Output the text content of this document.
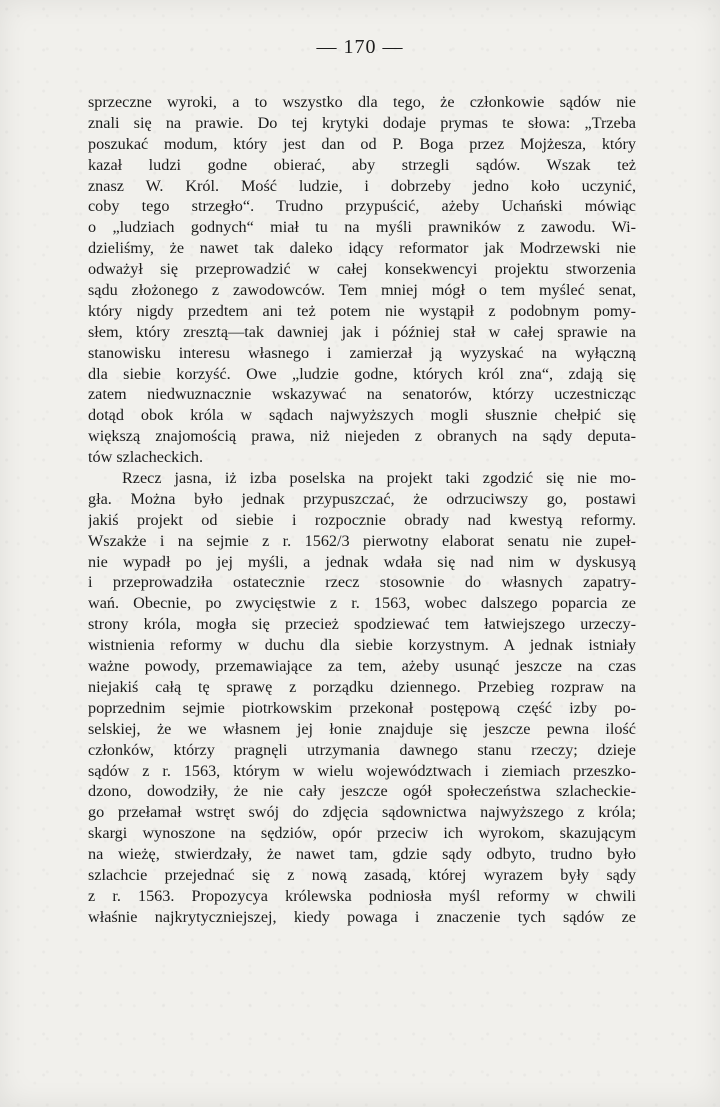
— 170 —
sprzeczne wyroki, a to wszystko dla tego, że członkowie sądów nie
znali się na prawie. Do tej krytyki dodaje prymas te słowa: „Trzeba
poszukać modum, który jest dan od P. Boga przez Mojżesza, który
kazał ludzi godne obierać, aby strzegli sądów. Wszak też
znasz W. Król. Mość ludzie, i dobrzeby jedno koło uczynić,
coby tego strzegło“. Trudno przypuścić, ażeby Uchański mówiąc
o „ludziach godnych“ miał tu na myśli prawników z zawodu. Wi-
dzieliśmy, że nawet tak daleko idący reformator jak Modrzewski nie
odważył się przeprowadzić w całej konsekwencyi projektu stworzenia
sądu złożonego z zawodowców. Tem mniej mógł o tem myśleć senat,
który nigdy przedtem ani też potem nie wystąpił z podobnym pomy-
słem, który zresztą—tak dawniej jak i później stał w całej sprawie na
stanowisku interesu własnego i zamierzał ją wyzyskać na wyłączną
dla siebie korzyść. Owe „ludzie godne, których król zna“, zdają się
zatem niedwuznacznie wskazywać na senatorów, którzy uczestnicząc
dotąd obok króla w sądach najwyższych mogli słusznie chełpić się
większą znajomością prawa, niż niejeden z obranych na sądy deputa-
tów szlacheckich.
Rzecz jasna, iż izba poselska na projekt taki zgodzić się nie mo-
gła. Można było jednak przypuszczać, że odrzuciwszy go, postawi
jakiś projekt od siebie i rozpocznie obrady nad kwestyą reformy.
Wszakże i na sejmie z r. 1562/3 pierwotny elaborat senatu nie zupeł-
nie wypadł po jej myśli, a jednak wdała się nad nim w dyskusyą
i przeprowadziła ostatecznie rzecz stosownie do własnych zapatry-
wań. Obecnie, po zwycięstwie z r. 1563, wobec dalszego poparcia ze
strony króla, mogła się przecież spodziewać tem łatwiejszego urzeczy-
wistnienia reformy w duchu dla siebie korzystnym. A jednak istniały
ważne powody, przemawiające za tem, ażeby usunąć jeszcze na czas
niejakiś całą tę sprawę z porządku dziennego. Przebieg rozpraw na
poprzednim sejmie piotrkowskim przekonał postępową część izby po-
selskiej, że we własnem jej łonie znajduje się jeszcze pewna ilość
członków, którzy pragnęli utrzymania dawnego stanu rzeczy; dzieje
sądów z r. 1563, którym w wielu województwach i ziemiach przeszko-
dzono, dowodziły, że nie cały jeszcze ogół społeczeństwa szlacheckie-
go przełamał wstręt swój do zdjęcia sądownictwa najwyższego z króla;
skargi wynoszone na sędziów, opór przeciw ich wyrokom, skazującym
na wieżę, stwierdzały, że nawet tam, gdzie sądy odbyto, trudno było
szlachcie przejednać się z nową zasadą, której wyrazem były sądy
z r. 1563. Propozycya królewska podniosła myśl reformy w chwili
właśnie najkrytyczniejszej, kiedy powaga i znaczenie tych sądów ze
